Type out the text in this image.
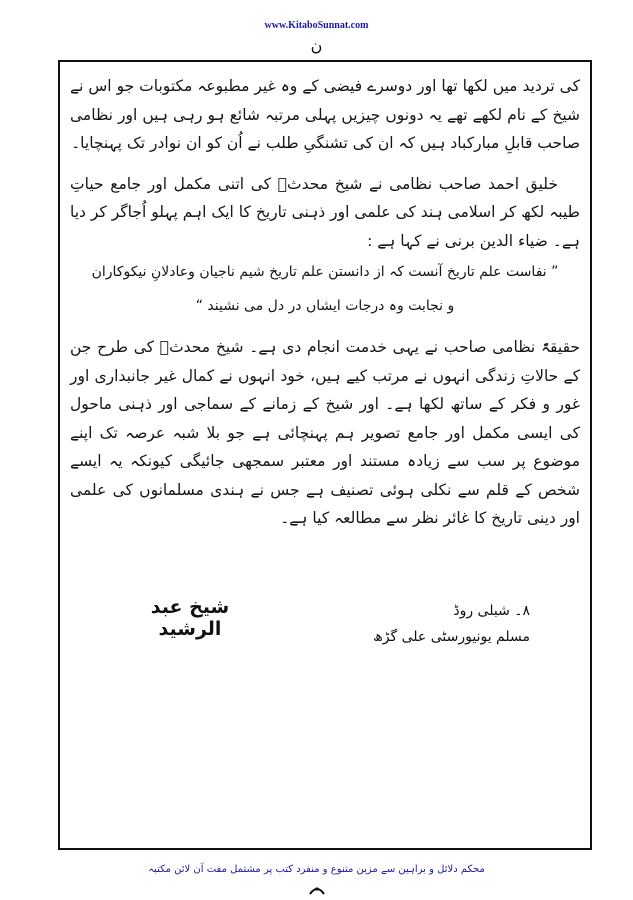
www.KitaboSunnat.com
ن

کی تردید میں لکھا تھا اور دوسرے فیضی کے وہ غیر مطبوعہ مکتوبات جو اس نے شیخ کے نام لکھے تھے یہ دونوں چیزیں پہلی مرتبہ شائع ہو رہی ہیں اور نظامی صاحب قابلِ مبارکباد ہیں کہ ان کی تشنگیِ طلب نے اُن کو ان نوادر تک پہنچایا۔

خلیق احمد صاحب نظامی نے شیخ محدثؒ کی اتنی مکمل اور جامع حیاتِ طیبہ لکھ کر اسلامی ہند کی علمی اور ذہنی تاریخ کا ایک اہم پہلو اُجاگر کر دیا ہے۔ ضیاء الدین برنی نے کہا ہے :

” نفاست علم تاریخ آنست کہ از دانستن علم تاریخ شیم ناجیان وعادلانِ نیکوکاران

و نجابت وہ درجات ایشاں در دل می نشیند “

حقیقۃً نظامی صاحب نے یہی خدمت انجام دی ہے۔ شیخ محدثؒ کی طرح جن کے حالاتِ زندگی انہوں نے مرتب کیے ہیں، خود انہوں نے کمال غیر جانبداری اور غور و فکر کے ساتھ لکھا ہے۔ اور شیخ کے زمانے کے سماجی اور ذہنی ماحول کی ایسی مکمل اور جامع تصویر ہم پہنچائی ہے جو بلا شبہ عرصہ تک اپنے موضوع پر سب سے زیادہ مستند اور معتبر سمجھی جائیگی کیونکہ یہ ایسے شخص کے قلم سے نکلی ہوئی تصنیف ہے جس نے ہندی مسلمانوں کی علمی اور دینی تاریخ کا غائر نظر سے مطالعہ کیا ہے۔

۸۔ شبلی روڈ
مسلم یونیورسٹی علی گڑھ
شیخ عبد الرشید
محکم دلائل و براہین سے مزین متنوع و منفرد کتب پر مشتمل مفت آن لائن مکتبہ
